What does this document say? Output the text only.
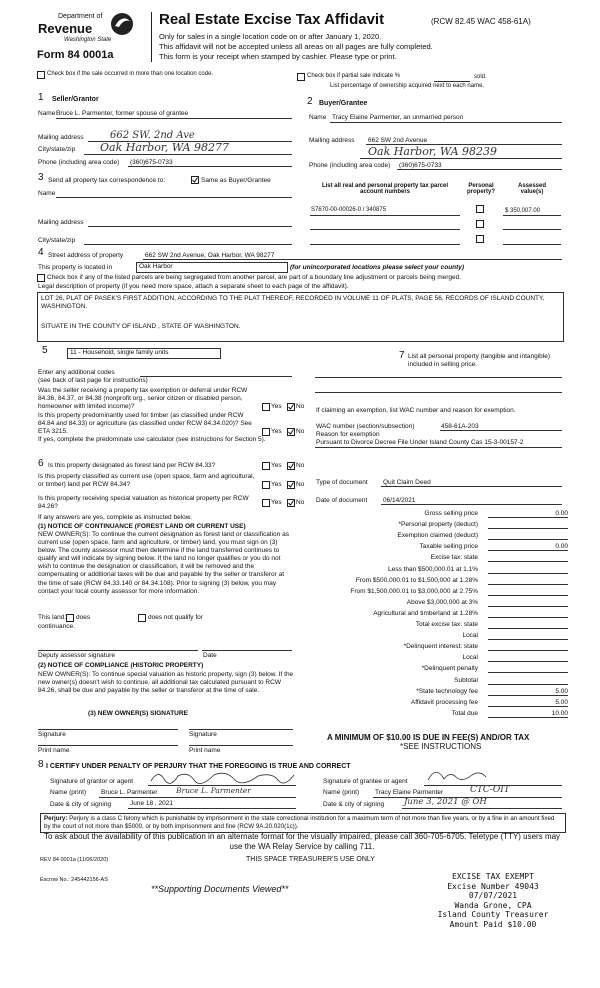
Department of
Revenue
Washington State
Form 84 0001a
Real Estate Excise Tax Affidavit	(RCW 82.45 WAC 458-61A)
Only for sales in a single location code on or after January 1, 2020.
This affidavit will not be accepted unless all areas on all pages are fully completed.
This form is your receipt when stamped by cashier. Please type or print.
Check box if the sale occurred in more than one location code.	Check box if partial sale indicate %	sold.
List percentage of ownership acquired next to each name.
1 Seller/Grantor
Name Bruce L. Parmenter, former spouse of grantee
Mailing address	662 SW. 2nd Ave
City/state/zip Oak Harbor, WA 98277
Phone (including area code) (360)675-0733
2 Buyer/Grantee
Name Tracy Elaine Parmenter, an unmarried person
Mailing address 662 SW 2nd Avenue
Oak Harbor, WA 98239
Phone (including area code) (360)675-0733
3 Send all property tax correspondence to:	Same as Buyer/Grantee
Name
Mailing address
City/state/zip
List all real and personal property tax parcel account numbers
Personal property?
Assessed value(s)
S7670-00-00026-0 / 340875	$ 350,007.00
4 Street address of property	662 SW 2nd Avenue, Oak Harbor, WA 98277
This property is located in	Oak Harbor	(for unincorporated locations please select your county)
Check box if any of the listed parcels are being segregated from another parcel, are part of a boundary line adjustment or parcels being merged.
Legal description of property (if you need more space, attach a separate sheet to each page of the affidavit).
LOT 26, PLAT OF PASEK'S FIRST ADDITION, ACCORDING TO THE PLAT THEREOF, RECORDED IN VOLUME 11 OF PLATS, PAGE 56, RECORDS OF ISLAND COUNTY, WASHINGTON.
SITUATE IN THE COUNTY OF ISLAND , STATE OF WASHINGTON.
5	11 - Household, single family units
Enter any additional codes
(see back of last page for instructions)
Was the seller receiving a property tax exemption or deferral under RCW 84.36, 84.37, or 84.38 (nonprofit org., senior citizen or disabled person, homeowner with limited income)?	Yes No
Is this property predominantly used for timber (as classified under RCW 84.84 and 84.33) or agriculture (as classified under RCW 84.34.020)? See ETA 3215.	Yes No
If yes, complete the predominate use calculator (see instructions for Section 5).
6 Is this property designated as forest land per RCW 84.33?	Yes No
Is this property classified as current use (open space, farm and agricultural, or timber) land per RCW 84.34?	Yes No
Is this property receiving special valuation as historical property per RCW 84.26?
Yes No
If any answers are yes, complete as instructed below.
(1) NOTICE OF CONTINUANCE (FOREST LAND OR CURRENT USE)
NEW OWNER(S): To continue the current designation as forest land or classification as current use (open space, farm and agriculture, or timber) land, you must sign on (3) below. The county assessor must then determine if the land transferred continues to qualify and will indicate by signing below. If the land no longer qualifies or you do not wish to continue the designation or classification, it will be removed and the compensating or additional taxes will be due and payable by the seller or transferor at the time of sale (RCW 84.33.140 or 84.34.108). Prior to signing (3) below, you may contact your local county assessor for more information.
This land: does	does not qualify for
continuance.
Deputy assessor signature	Date
(2) NOTICE OF COMPLIANCE (HISTORIC PROPERTY)
NEW OWNER(S): To continue special valuation as historic property, sign (3) below. If the new owner(s) doesn't wish to continue, all additional tax calculated pursuant to RCW 84.26, shall be due and payable by the seller or transferor at the time of sale.
(3) NEW OWNER(S) SIGNATURE
Signature	Signature
Print name	Print name
7 List all personal property (tangible and intangible) included in selling price.
If claiming an exemption, list WAC number and reason for exemption.
WAC number (section/subsection)	458-61A-203
Reason for exemption
Pursuant to Divorce Decree File Under Island County Cas 15-3-00157-2
Type of document Quit Claim Deed
Date of document 06/14/2021
Gross selling price	0.00
*Personal property (deduct)
Exemption claimed (deduct)
Taxable selling price	0.00
Excise tax: state
Less than $500,000.01 at 1.1%
From $500,000.01 to $1,500,000 at 1.28%
From $1,500,000.01 to $3,000,000 at 2.75%
Above $3,000,000 at 3%
Agricultural and timberland at 1.28%
Total excise tax: state
Local
*Delinquent interest: state
Local
*Delinquent penalty
Subtotal
*State technology fee	5.00
Affidavit processing fee	5.00
Total due	10.00
A MINIMUM OF $10.00 IS DUE IN FEE(S) AND/OR TAX
*SEE INSTRUCTIONS
8 I CERTIFY UNDER PENALTY OF PERJURY THAT THE FOREGOING IS TRUE AND CORRECT
Signature of grantor or agent
Name (print) Bruce L. Parmenter Bruce L. Parmenter
Date & city of signing	June 18 , 2021
Signature of grantee or agent
Name (print) Tracy Elaine Parmenter	CTC-OIT
Date & city of signing June 3, 2021 @ OH
Perjury: Perjury is a class C felony which is punishable by imprisonment in the state correctional institution for a maximum term of not more than five years, or by a fine in an amount fixed by the court of not more than $5000, or by both imprisonment and fine (RCW 9A.20.020(1c)).
To ask about the availability of this publication in an alternate format for the visually impaired, please call 360-705-6705. Teletype (TTY) users may use the WA Relay Service by calling 711.
REV 84 0001a (11/06/2020)	THIS SPACE TREASURER'S USE ONLY
Escrow No.: 245442156-AS
**Supporting Documents Viewed**
EXCISE TAX EXEMPT
Excise Number 49043
07/07/2021
Wanda Grone, CPA
Island County Treasurer
Amount Paid $10.00
